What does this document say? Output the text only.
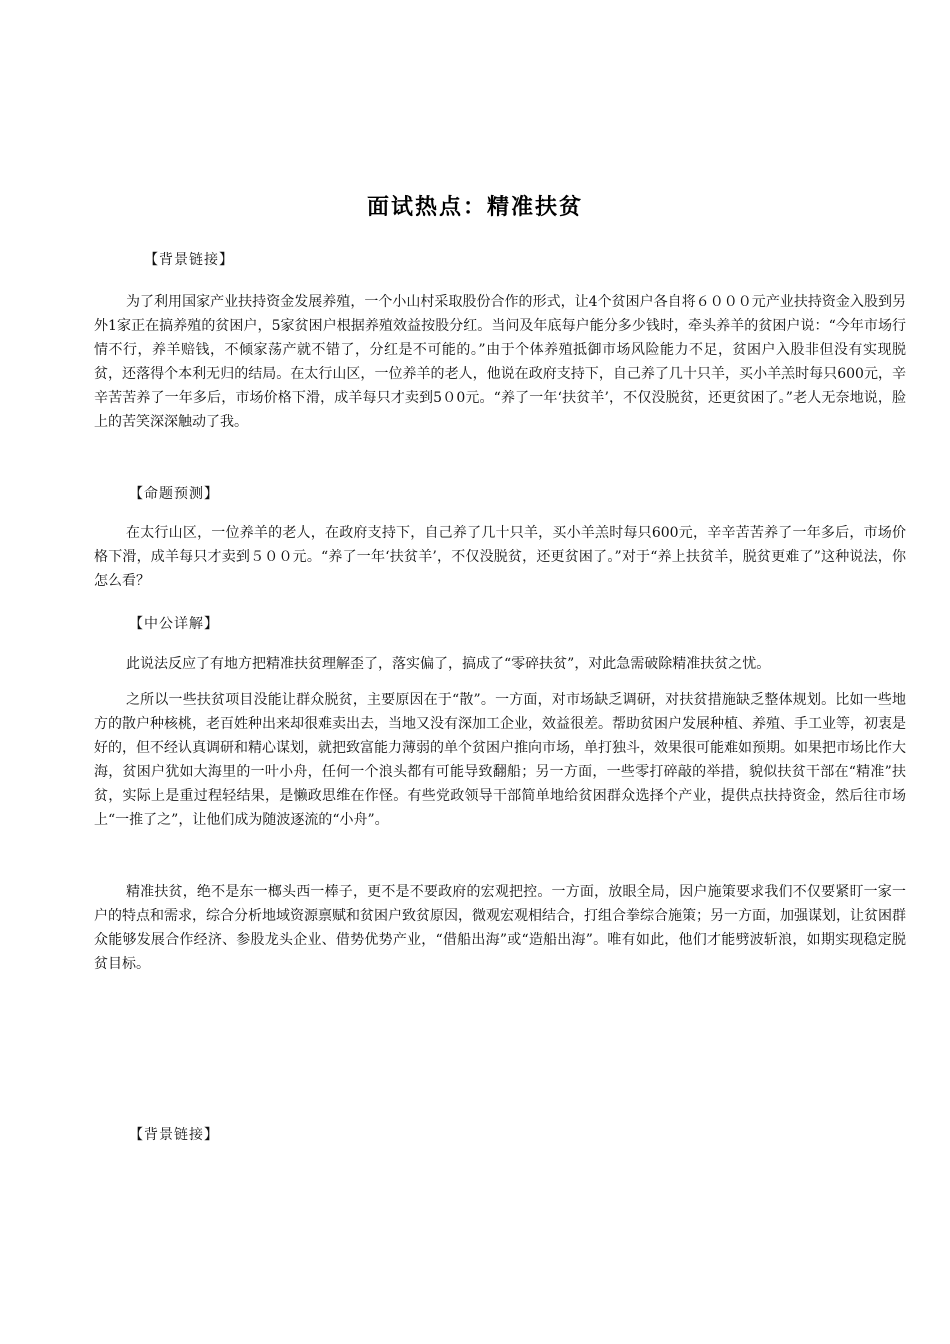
面试热点：精准扶贫
【背景链接】
为了利用国家产业扶持资金发展养殖，一个小山村采取股份合作的形式，让4个贫困户各自将６０００元产业扶持资金入股到另外1家正在搞养殖的贫困户，5家贫困户根据养殖效益按股分红。当问及年底每户能分多少钱时，牵头养羊的贫困户说：“今年市场行情不行，养羊赔钱，不倾家荡产就不错了，分红是不可能的。”由于个体养殖抵御市场风险能力不足，贫困户入股非但没有实现脱贫，还落得个本利无归的结局。在太行山区，一位养羊的老人，他说在政府支持下，自己养了几十只羊，买小羊羔时每只600元，辛辛苦苦养了一年多后，市场价格下滑，成羊每只才卖到5０0元。“养了一年‘扶贫羊’，不仅没脱贫，还更贫困了。”老人无奈地说，脸上的苦笑深深触动了我。
【命题预测】
在太行山区，一位养羊的老人，在政府支持下，自己养了几十只羊，买小羊羔时每只600元，辛辛苦苦养了一年多后，市场价格下滑，成羊每只才卖到５００元。“养了一年‘扶贫羊’，不仅没脱贫，还更贫困了。”对于“养上扶贫羊，脱贫更难了”这种说法，你怎么看？
【中公详解】
此说法反应了有地方把精准扶贫理解歪了，落实偏了，搞成了“零碎扶贫”，对此急需破除精准扶贫之忧。
之所以一些扶贫项目没能让群众脱贫，主要原因在于“散”。一方面，对市场缺乏调研，对扶贫措施缺乏整体规划。比如一些地方的散户种核桃，老百姓种出来却很难卖出去，当地又没有深加工企业，效益很差。帮助贫困户发展种植、养殖、手工业等，初衷是好的，但不经认真调研和精心谋划，就把致富能力薄弱的单个贫困户推向市场，单打独斗，效果很可能难如预期。如果把市场比作大海，贫困户犹如大海里的一叶小舟，任何一个浪头都有可能导致翻船；另一方面，一些零打碎敲的举措，貌似扶贫干部在“精准”扶贫，实际上是重过程轻结果，是懒政思维在作怪。有些党政领导干部简单地给贫困群众选择个产业，提供点扶持资金，然后往市场上“一推了之”，让他们成为随波逐流的“小舟”。
精准扶贫，绝不是东一榔头西一棒子，更不是不要政府的宏观把控。一方面，放眼全局，因户施策要求我们不仅要紧盯一家一户的特点和需求，综合分析地域资源禀赋和贫困户致贫原因，微观宏观相结合，打组合拳综合施策；另一方面，加强谋划，让贫困群众能够发展合作经济、参股龙头企业、借势优势产业，“借船出海”或“造船出海”。唯有如此，他们才能劈波斩浪，如期实现稳定脱贫目标。
【背景链接】
